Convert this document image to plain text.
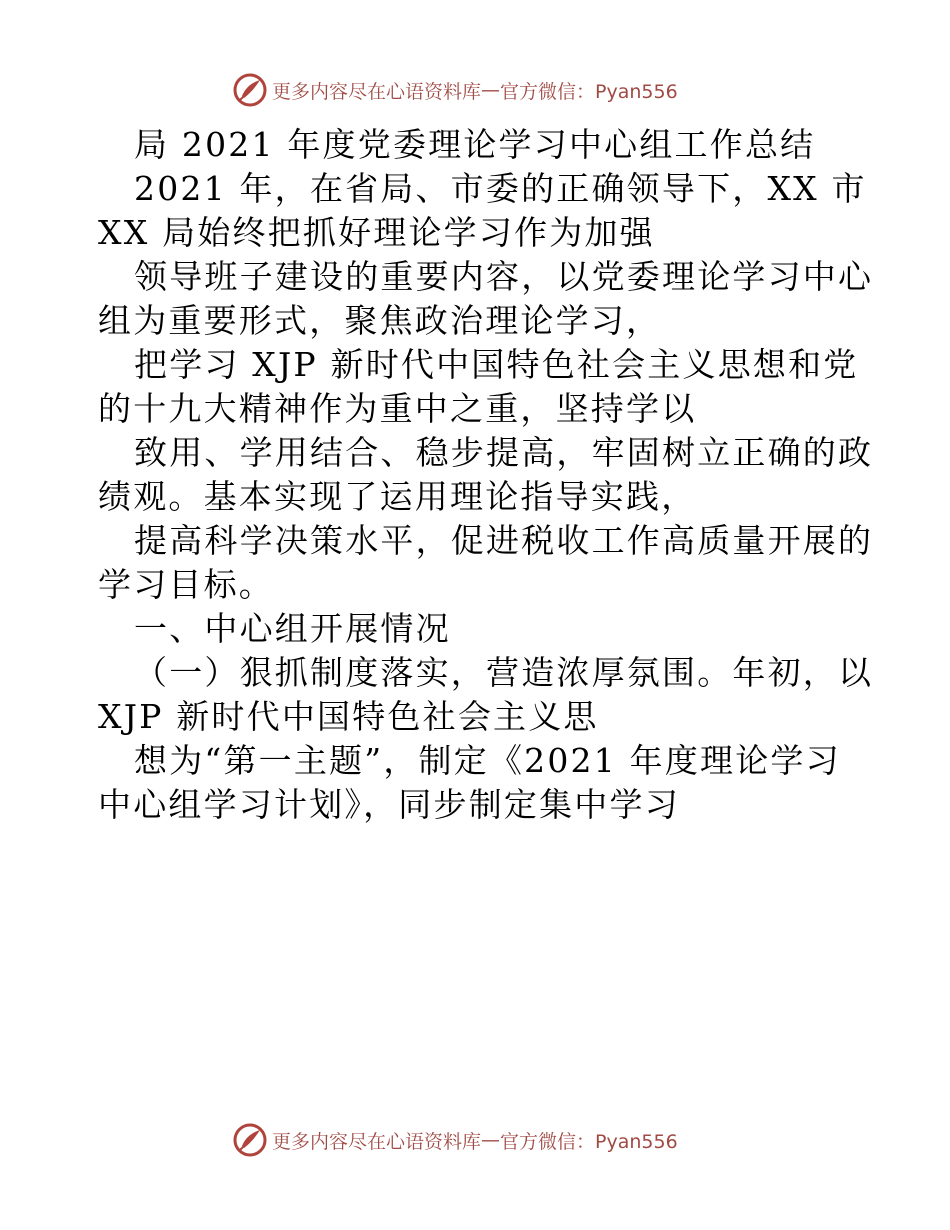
更多内容尽在心语资料库 — 官方微信：Pyan556
局 2021 年度党委理论学习中心组工作总结
2021 年，在省局、市委的正确领导下，XX 市
XX 局始终把抓好理论学习作为加强
领导班子建设的重要内容，以党委理论学习中心
组为重要形式，聚焦政治理论学习，
把学习 XJP 新时代中国特色社会主义思想和党
的十九大精神作为重中之重，坚持学以
致用、学用结合、稳步提高，牢固树立正确的政
绩观。基本实现了运用理论指导实践，
提高科学决策水平，促进税收工作高质量开展的
学习目标。
一、中心组开展情况
（一）狠抓制度落实，营造浓厚氛围。年初，以
XJP 新时代中国特色社会主义思
想为“第一主题”，制定《2021 年度理论学习
中心组学习计划》，同步制定集中学习
更多内容尽在心语资料库 — 官方微信：Pyan556
